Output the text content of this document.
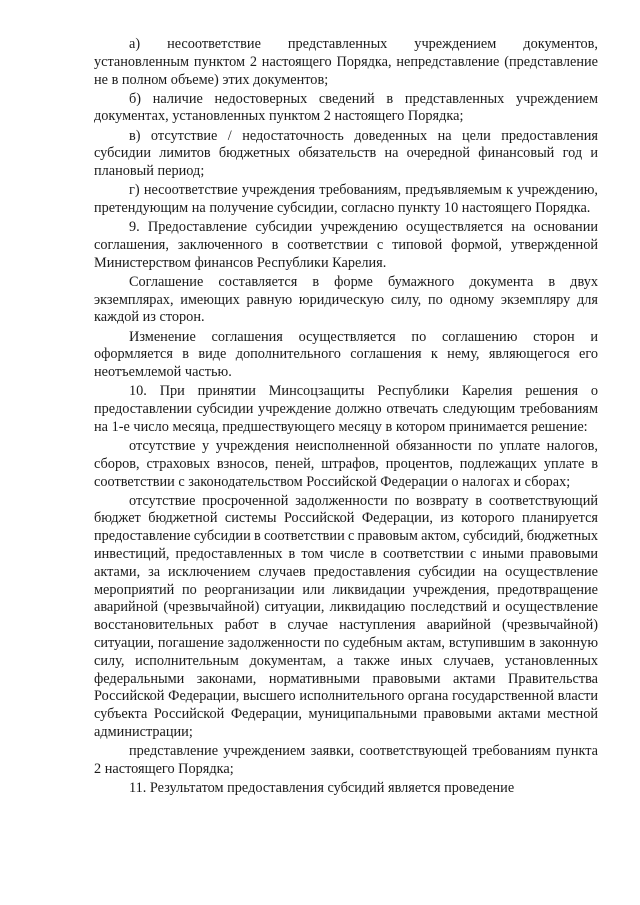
а) несоответствие представленных учреждением документов, установленным пунктом 2 настоящего Порядка, непредставление (представление не в полном объеме) этих документов;

б) наличие недостоверных сведений в представленных учреждением документах, установленных пунктом 2 настоящего Порядка;

в) отсутствие / недостаточность доведенных на цели предоставления субсидии лимитов бюджетных обязательств на очередной финансовый год и плановый период;

г) несоответствие учреждения требованиям, предъявляемым к учреждению, претендующим на получение субсидии, согласно пункту 10 настоящего Порядка.

9. Предоставление субсидии учреждению осуществляется на основании соглашения, заключенного в соответствии с типовой формой, утвержденной Министерством финансов Республики Карелия.

Соглашение составляется в форме бумажного документа в двух экземплярах, имеющих равную юридическую силу, по одному экземпляру для каждой из сторон.

Изменение соглашения осуществляется по соглашению сторон и оформляется в виде дополнительного соглашения к нему, являющегося его неотъемлемой частью.

10. При принятии Минсоцзащиты Республики Карелия решения о предоставлении субсидии учреждение должно отвечать следующим требованиям на 1-е число месяца, предшествующего месяцу в котором принимается решение:

отсутствие у учреждения неисполненной обязанности по уплате налогов, сборов, страховых взносов, пеней, штрафов, процентов, подлежащих уплате в соответствии с законодательством Российской Федерации о налогах и сборах;

отсутствие просроченной задолженности по возврату в соответствующий бюджет бюджетной системы Российской Федерации, из которого планируется предоставление субсидии в соответствии с правовым актом, субсидий, бюджетных инвестиций, предоставленных в том числе в соответствии с иными правовыми актами, за исключением случаев предоставления субсидии на осуществление мероприятий по реорганизации или ликвидации учреждения, предотвращение аварийной (чрезвычайной) ситуации, ликвидацию последствий и осуществление восстановительных работ в случае наступления аварийной (чрезвычайной) ситуации, погашение задолженности по судебным актам, вступившим в законную силу, исполнительным документам, а также иных случаев, установленных федеральными законами, нормативными правовыми актами Правительства Российской Федерации, высшего исполнительного органа государственной власти субъекта Российской Федерации, муниципальными правовыми актами местной администрации;

представление учреждением заявки, соответствующей требованиям пункта 2 настоящего Порядка;

11. Результатом предоставления субсидий является проведение
